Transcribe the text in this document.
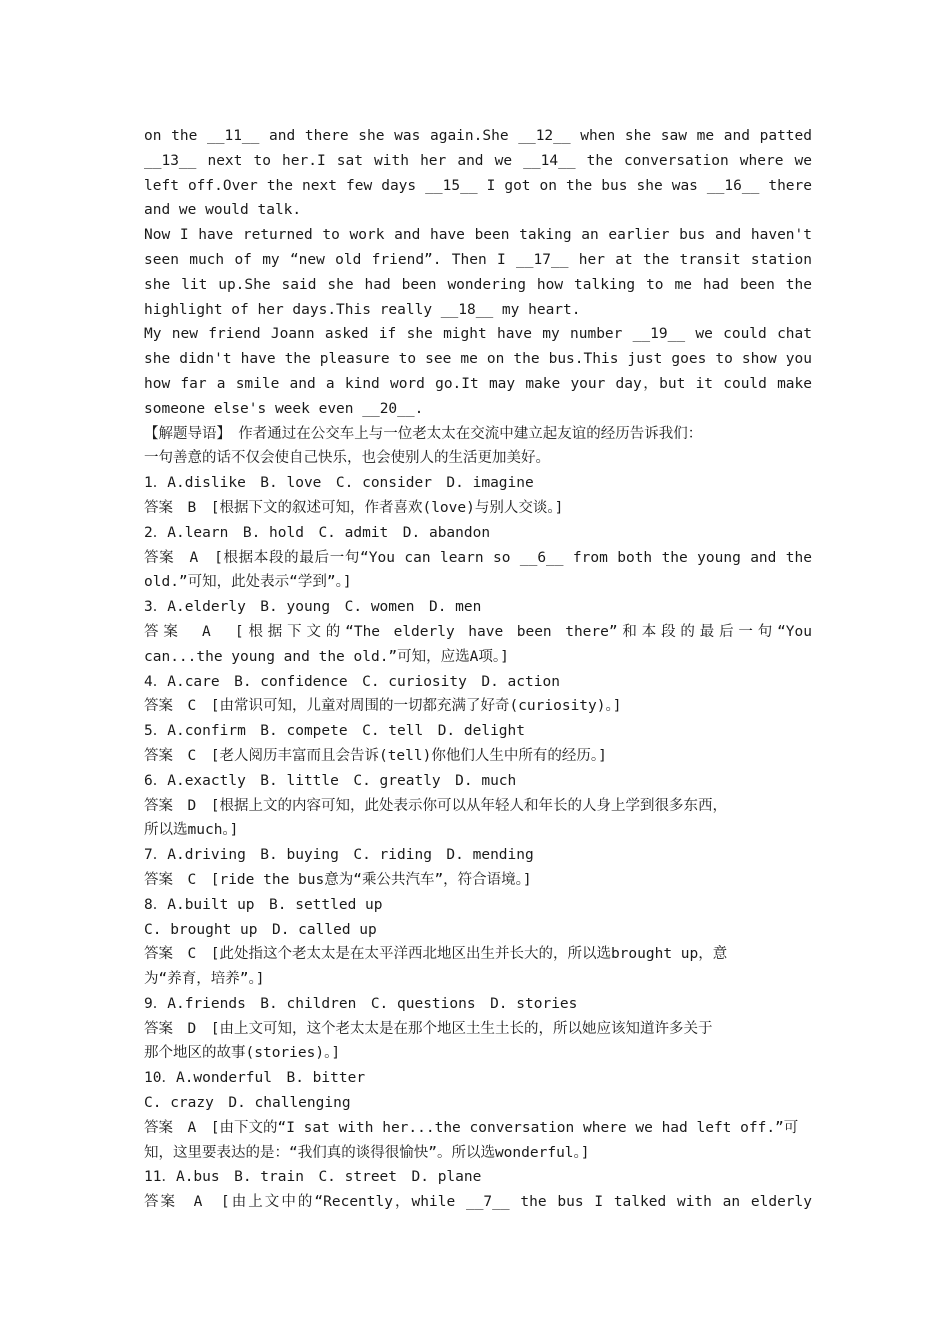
on the __11__ and there she was again.She __12__ when she saw me and patted
__13__ next to her.I sat with her and we __14__ the conversation where we
left off.Over the next few days __15__ I got on the bus she was __16__ there
and we would talk.
Now I have returned to work and have been taking an earlier bus and haven't
seen much of my “new old friend”. Then I __17__ her at the transit station
she lit up.She said she had been wondering how talking to me had been the
highlight of her days.This really __18__ my heart.
My new friend Joann asked if she might have my number __19__ we could chat
she didn't have the pleasure to see me on the bus.This just goes to show you
how far a smile and a kind word go.It may make your day，but it could make
someone else's week even __20__.
【解题导语】　作者通过在公交车上与一位老太太在交流中建立起友谊的经历告诉我们：
一句善意的话不仅会使自己快乐，也会使别人的生活更加美好。
1．A.dislike　B. love　C. consider　D. imagine
答案　B　[根据下文的叙述可知，作者喜欢(love)与别人交谈。]
2．A.learn　B. hold　C. admit　D. abandon
答案　A　[根据本段的最后一句“You can learn so __6__ from both the young and the
old.”可知，此处表示“学到”。]
3．A.elderly　B. young　C. women　D. men
答案　A　[根据下文的“The elderly have been there”和本段的最后一句“You
can...the young and the old.”可知，应选A项。]
4．A.care　B. confidence　C. curiosity　D. action
答案　C　[由常识可知，儿童对周围的一切都充满了好奇(curiosity)。]
5．A.confirm　B. compete　C. tell　D. delight
答案　C　[老人阅历丰富而且会告诉(tell)你他们人生中所有的经历。]
6．A.exactly　B. little　C. greatly　D. much
答案　D　[根据上文的内容可知，此处表示你可以从年轻人和年长的人身上学到很多东西，
所以选much。]
7．A.driving　B. buying　C. riding　D. mending
答案　C　[ride the bus意为“乘公共汽车”，符合语境。]
8．A.built up　B. settled up
C. brought up　D. called up
答案　C　[此处指这个老太太是在太平洋西北地区出生并长大的，所以选brought up，意
为“养育，培养”。]
9．A.friends　B. children　C. questions　D. stories
答案　D　[由上文可知，这个老太太是在那个地区土生土长的，所以她应该知道许多关于
那个地区的故事(stories)。]
10．A.wonderful　B. bitter
C. crazy　D. challenging
答案　A　[由下文的“I sat with her...the conversation where we had left off.”可
知，这里要表达的是：“我们真的谈得很愉快”。所以选wonderful。]
11．A.bus　B. train　C. street　D. plane
答案　A　[由上文中的“Recently，while __7__ the bus I talked with an elderly
